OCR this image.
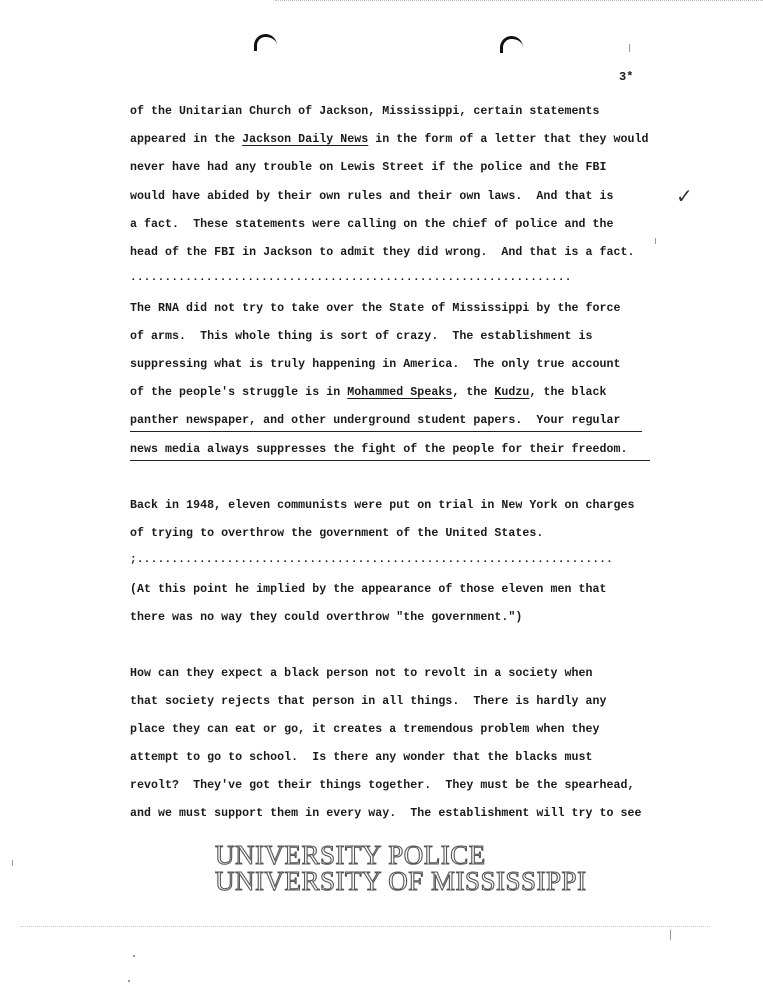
3*
of the Unitarian Church of Jackson, Mississippi, certain statements
appeared in the Jackson Daily News in the form of a letter that they would
never have had any trouble on Lewis Street if the police and the FBI
would have abided by their own rules and their own laws.  And that is
a fact.  These statements were calling on the chief of police and the
head of the FBI in Jackson to admit they did wrong.  And that is a fact.
✓
................................................................
The RNA did not try to take over the State of Mississippi by the force
of arms.  This whole thing is sort of crazy.  The establishment is
suppressing what is truly happening in America.  The only true account
of the people's struggle is in Mohammed Speaks, the Kudzu, the black
panther newspaper, and other underground student papers.  Your regular
news media always suppresses the fight of the people for their freedom.
Back in 1948, eleven communists were put on trial in New York on charges
of trying to overthrow the government of the United States.
;.....................................................................
(At this point he implied by the appearance of those eleven men that
there was no way they could overthrow "the government.")
How can they expect a black person not to revolt in a society when
that society rejects that person in all things.  There is hardly any
place they can eat or go, it creates a tremendous problem when they
attempt to go to school.  Is there any wonder that the blacks must
revolt?  They've got their things together.  They must be the spearhead,
and we must support them in every way.  The establishment will try to see
UNIVERSITY POLICE
UNIVERSITY OF MISSISSIPPI
